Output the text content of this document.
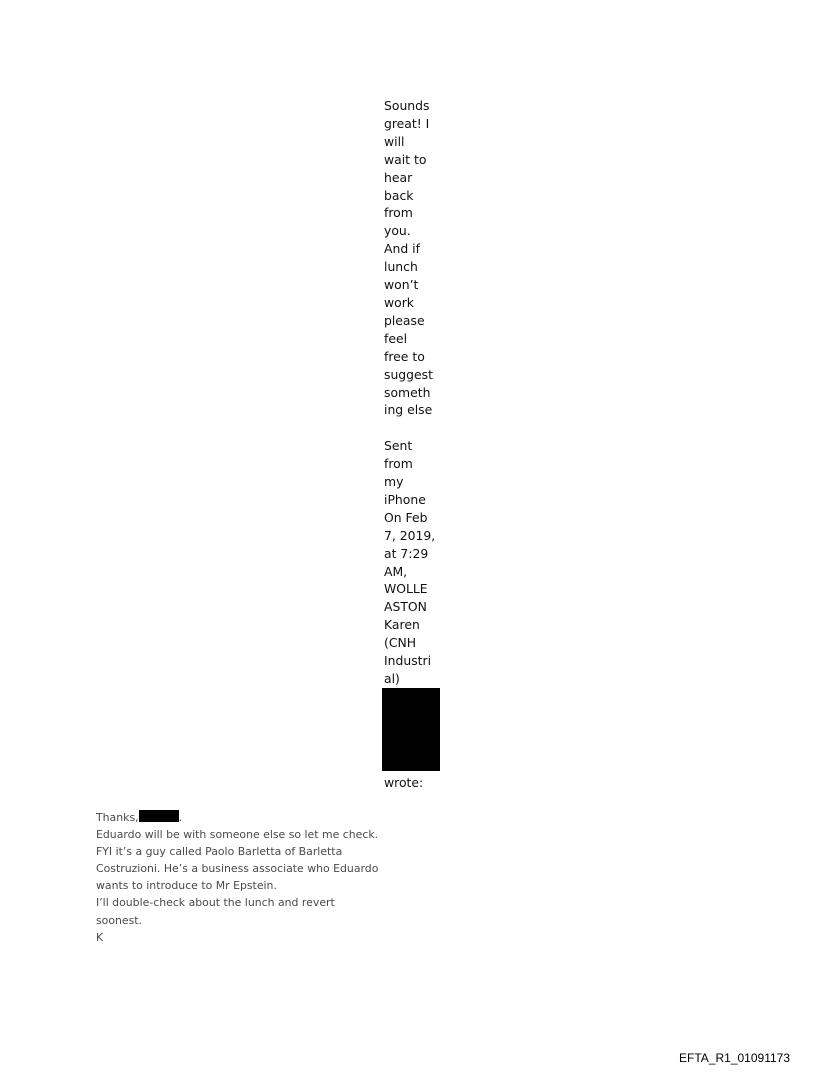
Sounds
great! I
will
wait to
hear
back
from
you.
And if
lunch
won’t
work
please
feel
free to
suggest
someth
ing else
Sent
from
my
iPhone
On Feb
7, 2019,
at 7:29
AM,
WOLLE
ASTON
Karen
(CNH
Industri
al)
wrote:
Thanks,	.
Eduardo will be with someone else so let me check.
FYI it’s a guy called Paolo Barletta of Barletta
Costruzioni. He’s a business associate who Eduardo
wants to introduce to Mr Epstein.
I’ll double-check about the lunch and revert
soonest.
K
EFTA_R1_01091173
